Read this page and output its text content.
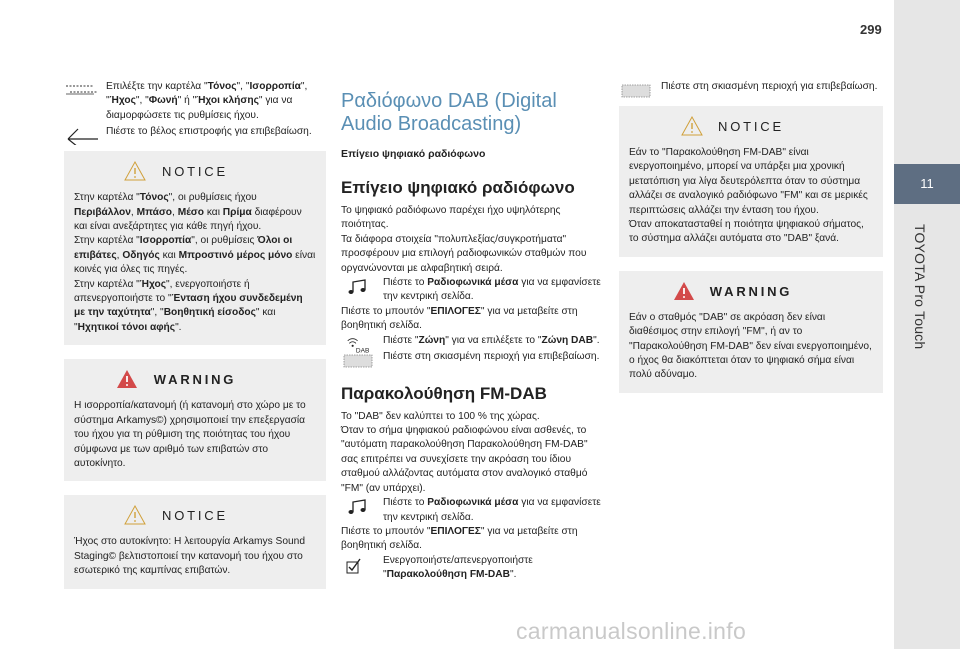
299
11
TOYOTA Pro Touch

Επιλέξτε την καρτέλα "Τόνος", "Ισορροπία", "Ήχος", "Φωνή" ή "Ήχοι κλήσης" για να διαμορφώσετε τις ρυθμίσεις ήχου.

Πιέστε το βέλος επιστροφής για επιβεβαίωση.

NOTICE

Στην καρτέλα "Τόνος", οι ρυθμίσεις ήχου Περιβάλλον, Μπάσο, Μέσο και Πρίμα διαφέρουν και είναι ανεξάρτητες για κάθε πηγή ήχου.

Στην καρτέλα "Ισορροπία", οι ρυθμίσεις Όλοι οι επιβάτες, Οδηγός και Μπροστινό μέρος μόνο είναι κοινές για όλες τις πηγές.

Στην καρτέλα "Ήχος", ενεργοποιήστε ή απενεργοποιήστε το "Ένταση ήχου συνδεδεμένη με την ταχύτητα", "Βοηθητική είσοδος" και "Ηχητικοί τόνοι αφής".

WARNING

Η ισορροπία/κατανομή (ή κατανομή στο χώρο με το σύστημα Arkamys©) χρησιμοποιεί την επεξεργασία του ήχου για τη ρύθμιση της ποιότητας του ήχου σύμφωνα με των αριθμό των επιβατών στο αυτοκίνητο.

NOTICE

Ήχος στο αυτοκίνητο: Η λειτουργία Arkamys Sound Staging© βελτιστοποιεί την κατανομή του ήχου στο εσωτερικό της καμπίνας επιβατών.

Ραδιόφωνο DAB (Digital
Audio Broadcasting)
Επίγειο ψηφιακό ραδιόφωνο
Επίγειο ψηφιακό ραδιόφωνο

Το ψηφιακό ραδιόφωνο παρέχει ήχο υψηλότερης ποιότητας.

Τα διάφορα στοιχεία "πολυπλεξίας/συγκροτήματα" προσφέρουν μια επιλογή ραδιοφωνικών σταθμών που οργανώνονται με αλφαβητική σειρά.

Πιέστε το Ραδιοφωνικά μέσα για να εμφανίσετε την κεντρική σελίδα.

Πιέστε το μπουτόν "ΕΠΙΛΟΓΕΣ" για να μεταβείτε στη βοηθητική σελίδα.

DAB

Πιέστε "Ζώνη" για να επιλέξετε το "Ζώνη DAB".

Πιέστε στη σκιασμένη περιοχή για επιβεβαίωση.

Παρακολούθηση FM-DAB

Το "DAB" δεν καλύπτει το 100 % της χώρας.

Όταν το σήμα ψηφιακού ραδιοφώνου είναι ασθενές, το "αυτόματη παρακολούθηση Παρακολούθηση FM-DAB" σας επιτρέπει να συνεχίσετε την ακρόαση του ίδιου σταθμού αλλάζοντας αυτόματα στον αναλογικό σταθμό "FM" (αν υπάρχει).

Πιέστε το Ραδιοφωνικά μέσα για να εμφανίσετε την κεντρική σελίδα.

Πιέστε το μπουτόν "ΕΠΙΛΟΓΕΣ" για να μεταβείτε στη βοηθητική σελίδα.

Ενεργοποιήστε/απενεργοποιήστε "Παρακολούθηση FM-DAB".

Πιέστε στη σκιασμένη περιοχή για επιβεβαίωση.

NOTICE

Εάν το "Παρακολούθηση FM-DAB" είναι ενεργοποιημένο, μπορεί να υπάρξει μια χρονική μετατόπιση για λίγα δευτερόλεπτα όταν το σύστημα αλλάζει σε αναλογικό ραδιόφωνο "FM" και σε μερικές περιπτώσεις αλλάζει την ένταση του ήχου.

Όταν αποκατασταθεί η ποιότητα ψηφιακού σήματος, το σύστημα αλλάζει αυτόματα στο "DAB" ξανά.

WARNING

Εάν ο σταθμός "DAB" σε ακρόαση δεν είναι διαθέσιμος στην επιλογή "FM", ή αν το "Παρακολούθηση FM-DAB" δεν είναι ενεργοποιημένο, ο ήχος θα διακόπτεται όταν το ψηφιακό σήμα είναι πολύ αδύναμο.

carmanualsonline.info
